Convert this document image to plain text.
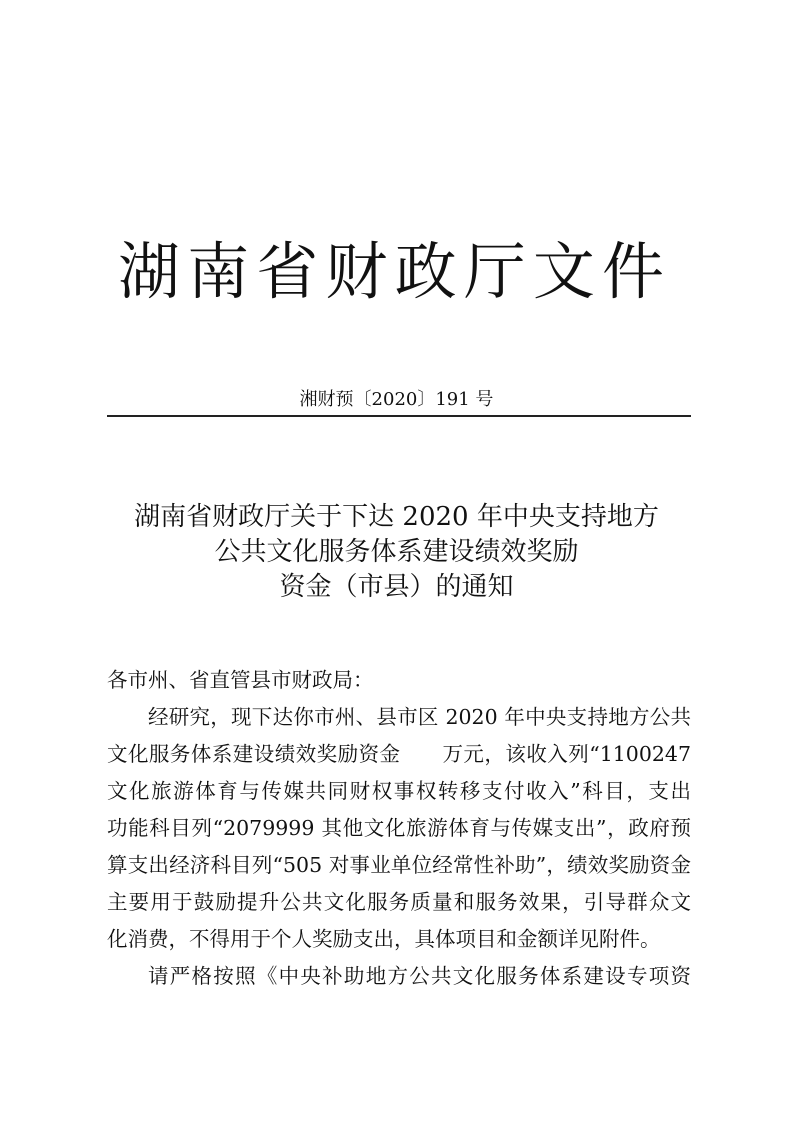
湖南省财政厅文件
湘财预〔2020〕191 号
湖南省财政厅关于下达 2020 年中央支持地方
公共文化服务体系建设绩效奖励
资金（市县）的通知
各市州、省直管县市财政局：
经研究，现下达你市州、县市区 2020 年中央支持地方公共
文化服务体系建设绩效奖励资金　　万元，该收入列“1100247
文化旅游体育与传媒共同财权事权转移支付收入”科目，支出
功能科目列“2079999 其他文化旅游体育与传媒支出”，政府预
算支出经济科目列“505 对事业单位经常性补助”，绩效奖励资金
主要用于鼓励提升公共文化服务质量和服务效果，引导群众文
化消费，不得用于个人奖励支出，具体项目和金额详见附件。
请严格按照《中央补助地方公共文化服务体系建设专项资
